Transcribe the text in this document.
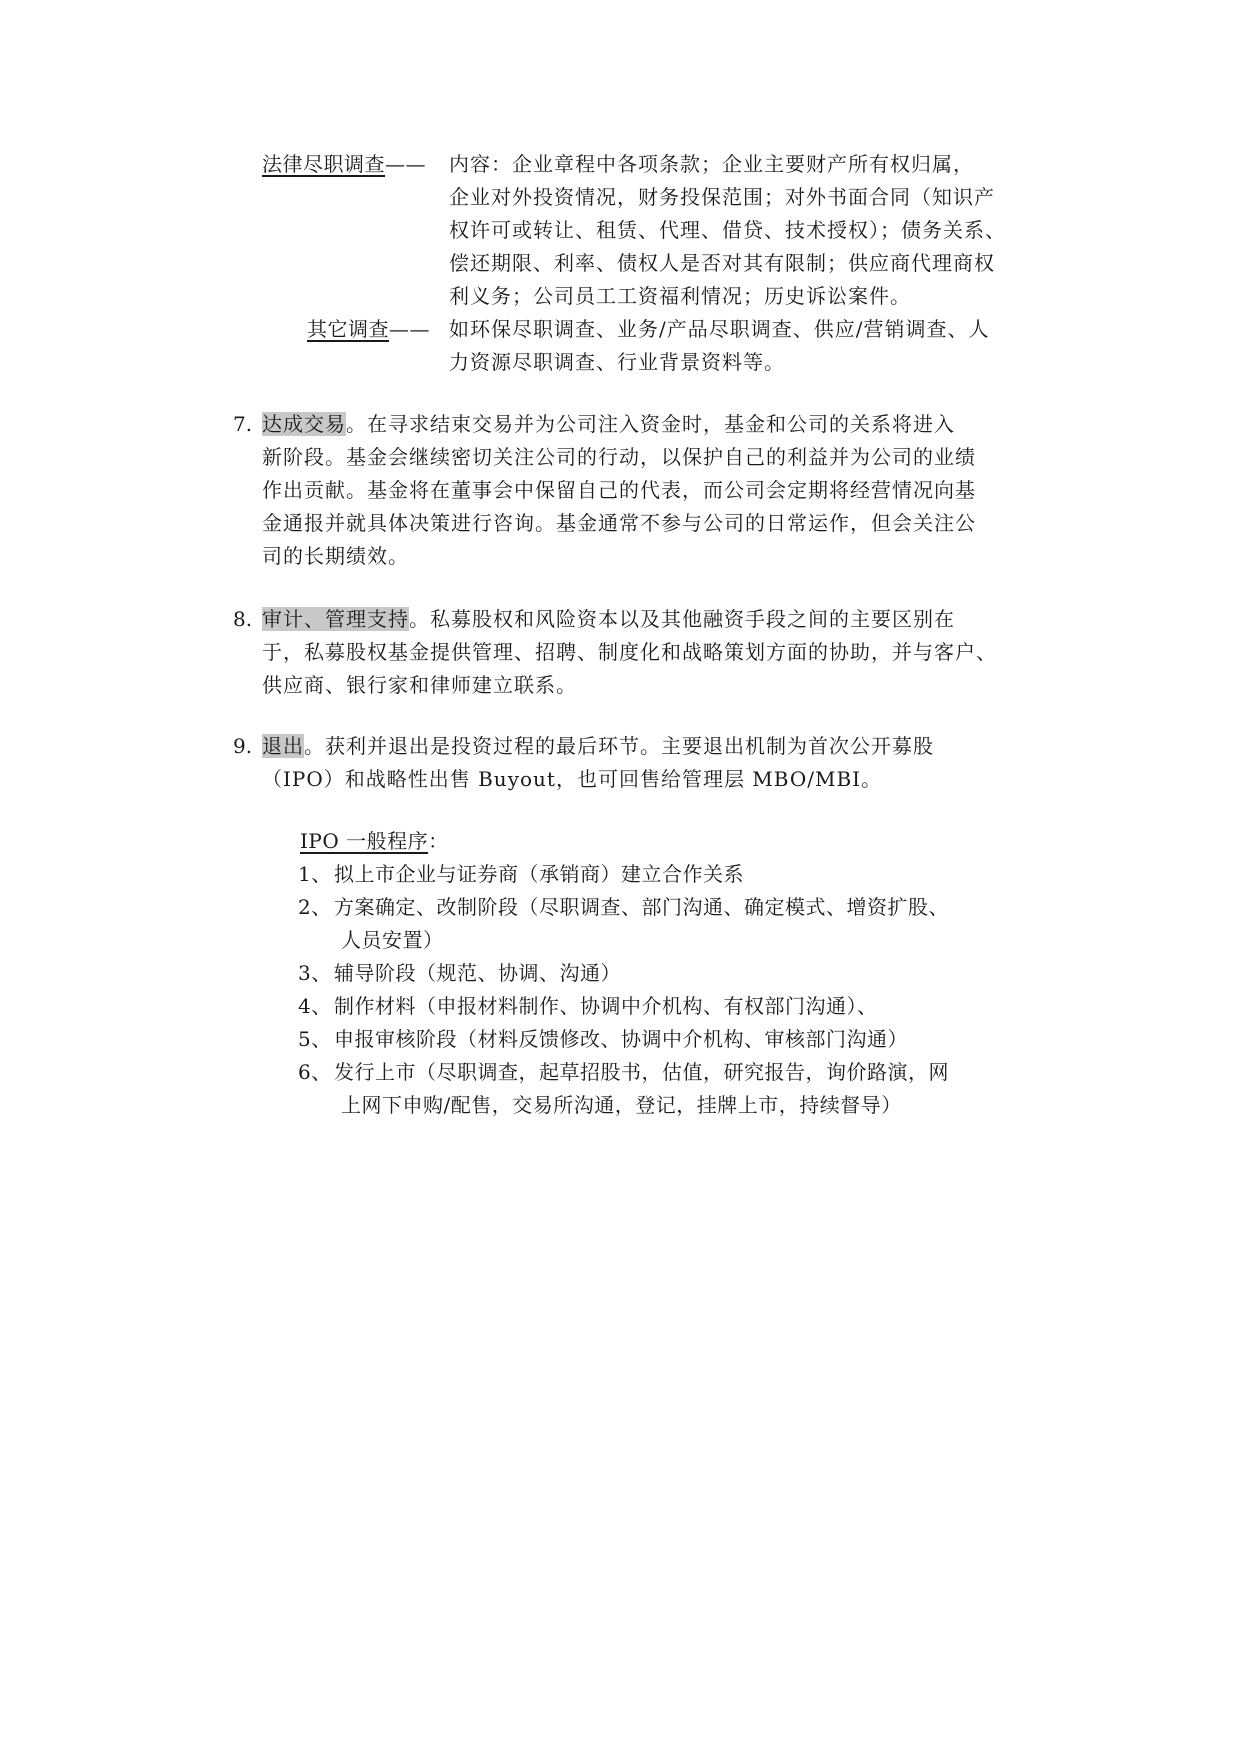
法律尽职调查—— 内容：企业章程中各项条款；企业主要财产所有权归属，

企业对外投资情况，财务投保范围；对外书面合同（知识产

权许可或转让、租赁、代理、借贷、技术授权）；债务关系、

偿还期限、利率、债权人是否对其有限制；供应商代理商权

利义务；公司员工工资福利情况；历史诉讼案件。

其它调查—— 如环保尽职调查、业务/产品尽职调查、供应/营销调查、人

力资源尽职调查、行业背景资料等。

7. 达成交易。在寻求结束交易并为公司注入资金时，基金和公司的关系将进入

新阶段。基金会继续密切关注公司的行动，以保护自己的利益并为公司的业绩

作出贡献。基金将在董事会中保留自己的代表，而公司会定期将经营情况向基

金通报并就具体决策进行咨询。基金通常不参与公司的日常运作，但会关注公

司的长期绩效。

8. 审计、管理支持。私募股权和风险资本以及其他融资手段之间的主要区别在

于，私募股权基金提供管理、招聘、制度化和战略策划方面的协助，并与客户、

供应商、银行家和律师建立联系。

9. 退出。获利并退出是投资过程的最后环节。主要退出机制为首次公开募股

（IPO）和战略性出售 Buyout，也可回售给管理层 MBO/MBI。

IPO 一般程序：
1、 拟上市企业与证券商（承销商）建立合作关系
2、 方案确定、改制阶段（尽职调查、部门沟通、确定模式、增资扩股、
人员安置）
3、 辅导阶段（规范、协调、沟通）
4、 制作材料（申报材料制作、协调中介机构、有权部门沟通）、
5、 申报审核阶段（材料反馈修改、协调中介机构、审核部门沟通）
6、 发行上市（尽职调查，起草招股书，估值，研究报告，询价路演，网
上网下申购/配售，交易所沟通，登记，挂牌上市，持续督导）
